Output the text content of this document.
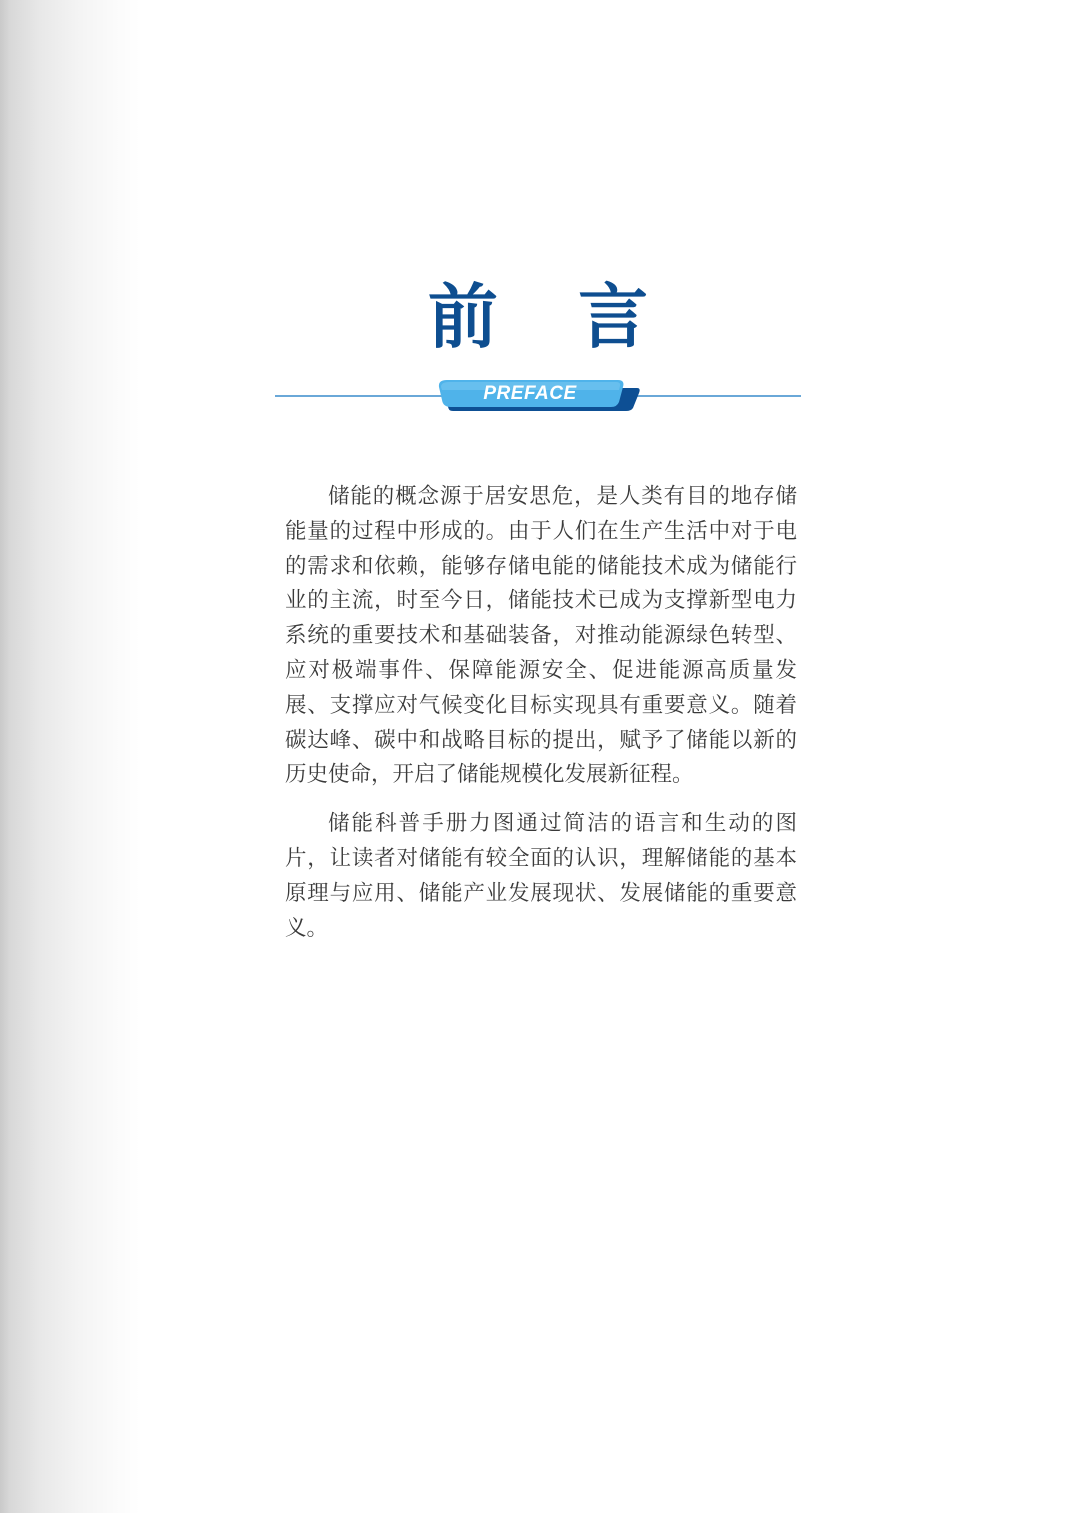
前 言
PREFACE

储能的概念源于居安思危，是人类有目的地存储能量的过程中形成的。由于人们在生产生活中对于电的需求和依赖，能够存储电能的储能技术成为储能行业的主流，时至今日，储能技术已成为支撑新型电力系统的重要技术和基础装备，对推动能源绿色转型、应对极端事件、保障能源安全、促进能源高质量发展、支撑应对气候变化目标实现具有重要意义。随着碳达峰、碳中和战略目标的提出，赋予了储能以新的历史使命，开启了储能规模化发展新征程。

储能科普手册力图通过简洁的语言和生动的图片，让读者对储能有较全面的认识，理解储能的基本原理与应用、储能产业发展现状、发展储能的重要意义。
